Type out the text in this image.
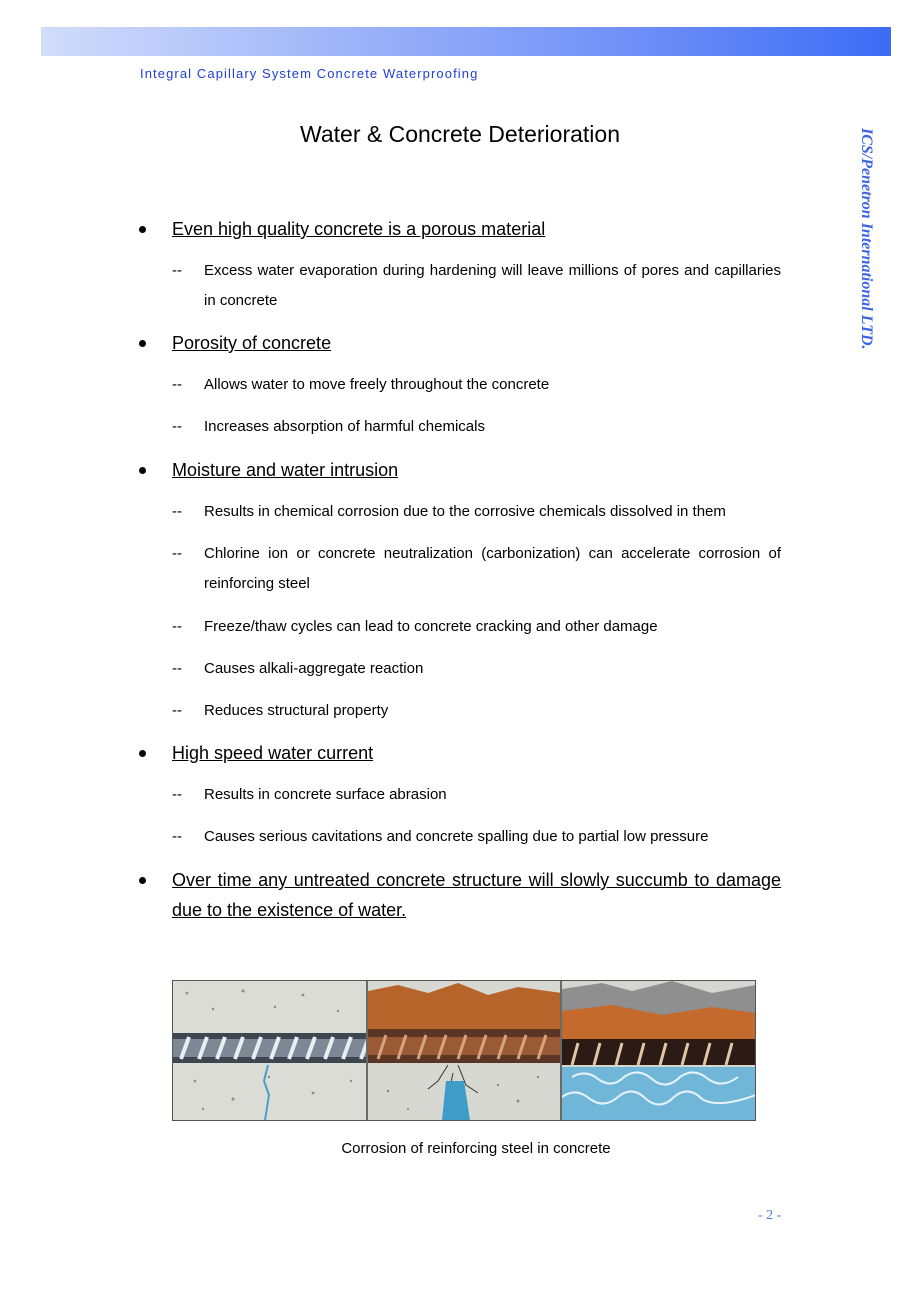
Integral Capillary System Concrete Waterproofing
ICS/Penetron International LTD.
Water & Concrete Deterioration
Even high quality concrete is a porous material
-- Excess water evaporation during hardening will leave millions of pores and capillaries in concrete
Porosity of concrete
-- Allows water to move freely throughout the concrete
-- Increases absorption of harmful chemicals
Moisture and water intrusion
-- Results in chemical corrosion due to the corrosive chemicals dissolved in them
-- Chlorine ion or concrete neutralization (carbonization) can accelerate corrosion of reinforcing steel
-- Freeze/thaw cycles can lead to concrete cracking and other damage
-- Causes alkali-aggregate reaction
-- Reduces structural property
High speed water current
-- Results in concrete surface abrasion
-- Causes serious cavitations and concrete spalling due to partial low pressure
Over time any untreated concrete structure will slowly succumb to damage due to the existence of water.
Corrosion of reinforcing steel in concrete
- 2 -
